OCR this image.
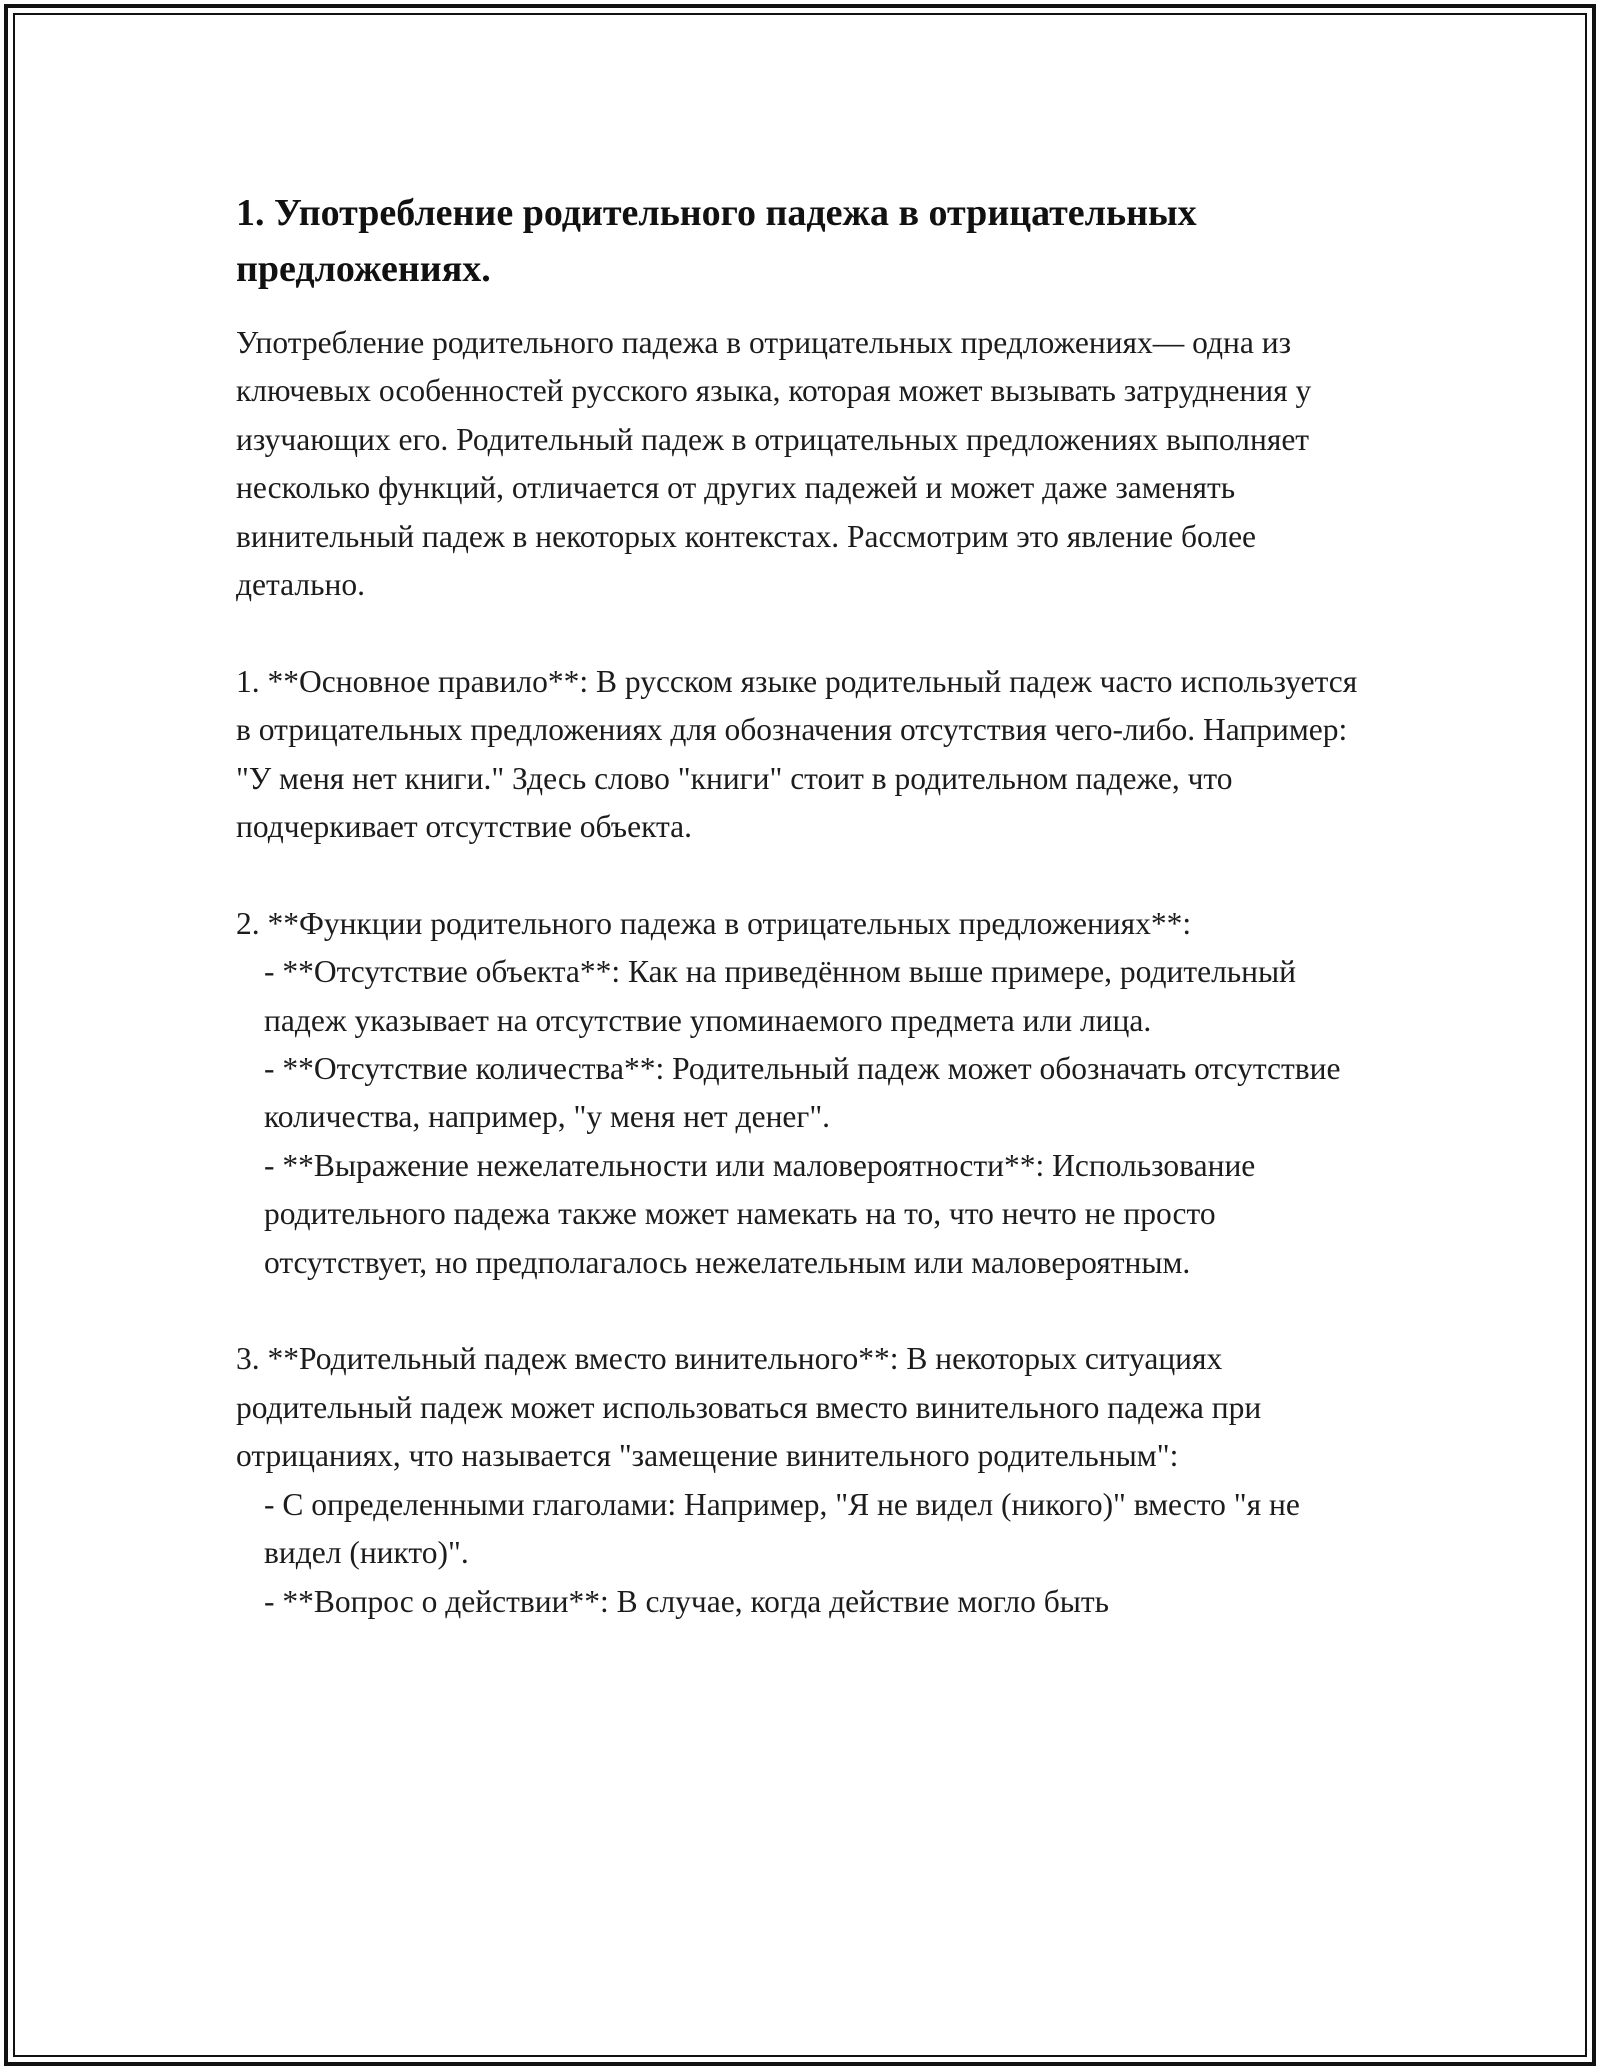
1. Употребление родительного падежа в отрицательных предложениях.

Употребление родительного падежа в отрицательных предложениях— одна из ключевых особенностей русского языка, которая может вызывать затруднения у изучающих его. Родительный падеж в отрицательных предложениях выполняет несколько функций, отличается от других падежей и может даже заменять винительный падеж в некоторых контекстах. Рассмотрим это явление более детально.

1. **Основное правило**: В русском языке родительный падеж часто используется в отрицательных предложениях для обозначения отсутствия чего-либо. Например: "У меня нет книги." Здесь слово "книги" стоит в родительном падеже, что подчеркивает отсутствие объекта.

2. **Функции родительного падежа в отрицательных предложениях**:

- **Отсутствие объекта**: Как на приведённом выше примере, родительный падеж указывает на отсутствие упоминаемого предмета или лица.

- **Отсутствие количества**: Родительный падеж может обозначать отсутствие количества, например, "у меня нет денег".

- **Выражение нежелательности или маловероятности**: Использование родительного падежа также может намекать на то, что нечто не просто отсутствует, но предполагалось нежелательным или маловероятным.

3. **Родительный падеж вместо винительного**: В некоторых ситуациях родительный падеж может использоваться вместо винительного падежа при отрицаниях, что называется "замещение винительного родительным":

- С определенными глаголами: Например, "Я не видел (никого)" вместо "я не видел (никто)".

- **Вопрос о действии**: В случае, когда действие могло быть
